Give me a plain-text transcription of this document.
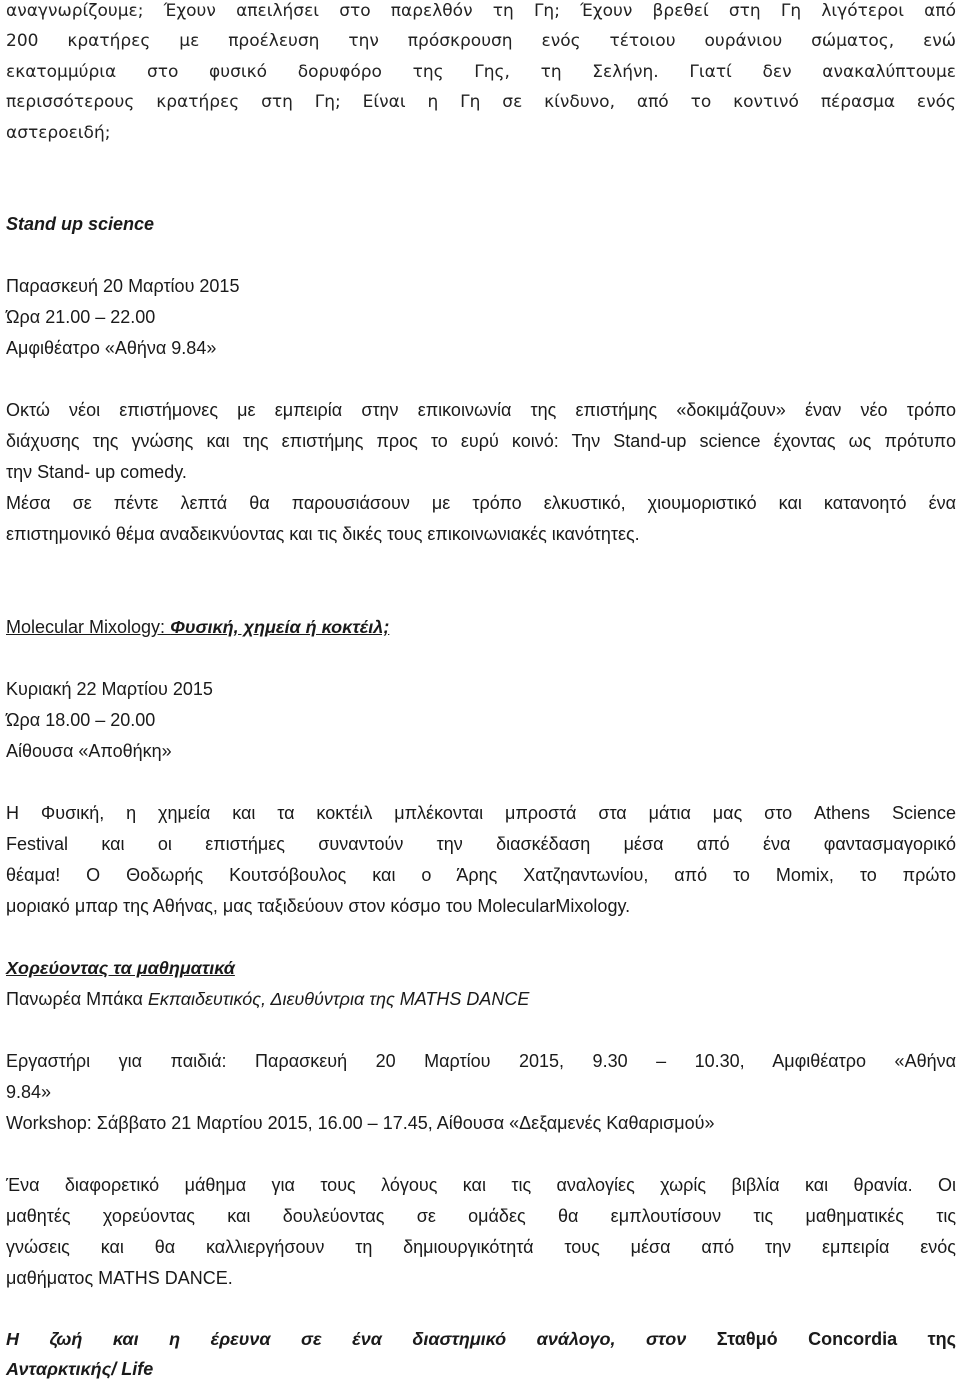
αναγνωρίζουμε; Έχουν απειλήσει στο παρελθόν τη Γη; Έχουν βρεθεί στη Γη λιγότεροι από
200 κρατήρες με προέλευση την πρόσκρουση ενός τέτοιου ουράνιου σώματος, ενώ
εκατομμύρια στο φυσικό δορυφόρο της Γης, τη Σελήνη. Γιατί δεν ανακαλύπτουμε
περισσότερους κρατήρες στη Γη; Είναι η Γη σε κίνδυνο, από το κοντινό πέρασμα ενός
αστεροειδή;
Stand up science
Παρασκευή 20 Μαρτίου 2015
Ώρα 21.00 – 22.00
Αμφιθέατρο «Αθήνα 9.84»
Οκτώ νέοι επιστήμονες με εμπειρία στην επικοινωνία της επιστήμης «δοκιμάζουν» έναν νέο τρόπο
διάχυσης της γνώσης και της επιστήμης προς το ευρύ κοινό: Την Stand-up science έχοντας ως πρότυπο
την Stand- up comedy.
Μέσα σε πέντε λεπτά θα παρουσιάσουν με τρόπο ελκυστικό, χιουμοριστικό και κατανοητό ένα
επιστημονικό θέμα αναδεικνύοντας και τις δικές τους επικοινωνιακές ικανότητες.
Molecular Mixology: Φυσική, χημεία ή κοκτέιλ;
Κυριακή 22 Μαρτίου 2015
Ώρα 18.00 – 20.00
Αίθουσα «Αποθήκη»
Η Φυσική, η χημεία και τα κοκτέιλ μπλέκονται μπροστά στα μάτια μας στο Athens Science
Festival και οι επιστήμες συναντούν την διασκέδαση μέσα από ένα φαντασμαγορικό
θέαμα! Ο Θοδωρής Κουτσόβουλος και ο Άρης Χατζηαντωνίου, από το Momix, το πρώτο
μοριακό μπαρ της Αθήνας, μας ταξιδεύουν στον κόσμο του MolecularMixology.
Χορεύοντας τα μαθηματικά
Πανωρέα Μπάκα Εκπαιδευτικός, Διευθύντρια της MATHS DANCE
Εργαστήρι για παιδιά: Παρασκευή 20 Μαρτίου 2015, 9.30 – 10.30, Αμφιθέατρο «Αθήνα
9.84»
Workshop: Σάββατο 21 Μαρτίου 2015, 16.00 – 17.45, Αίθουσα «Δεξαμενές Καθαρισμού»
Ένα διαφορετικό μάθημα για τους λόγους και τις αναλογίες χωρίς βιβλία και θρανία. Οι
μαθητές χορεύοντας και δουλεύοντας σε ομάδες θα εμπλουτίσουν τις μαθηματικές τις
γνώσεις και θα καλλιεργήσουν τη δημιουργικότητά τους μέσα από την εμπειρία ενός
μαθήματος MATHS DANCE.
Η ζωή και η έρευνα σε ένα διαστημικό ανάλογο, στον Σταθμό Concordia της
Ανταρκτικής/ Life
